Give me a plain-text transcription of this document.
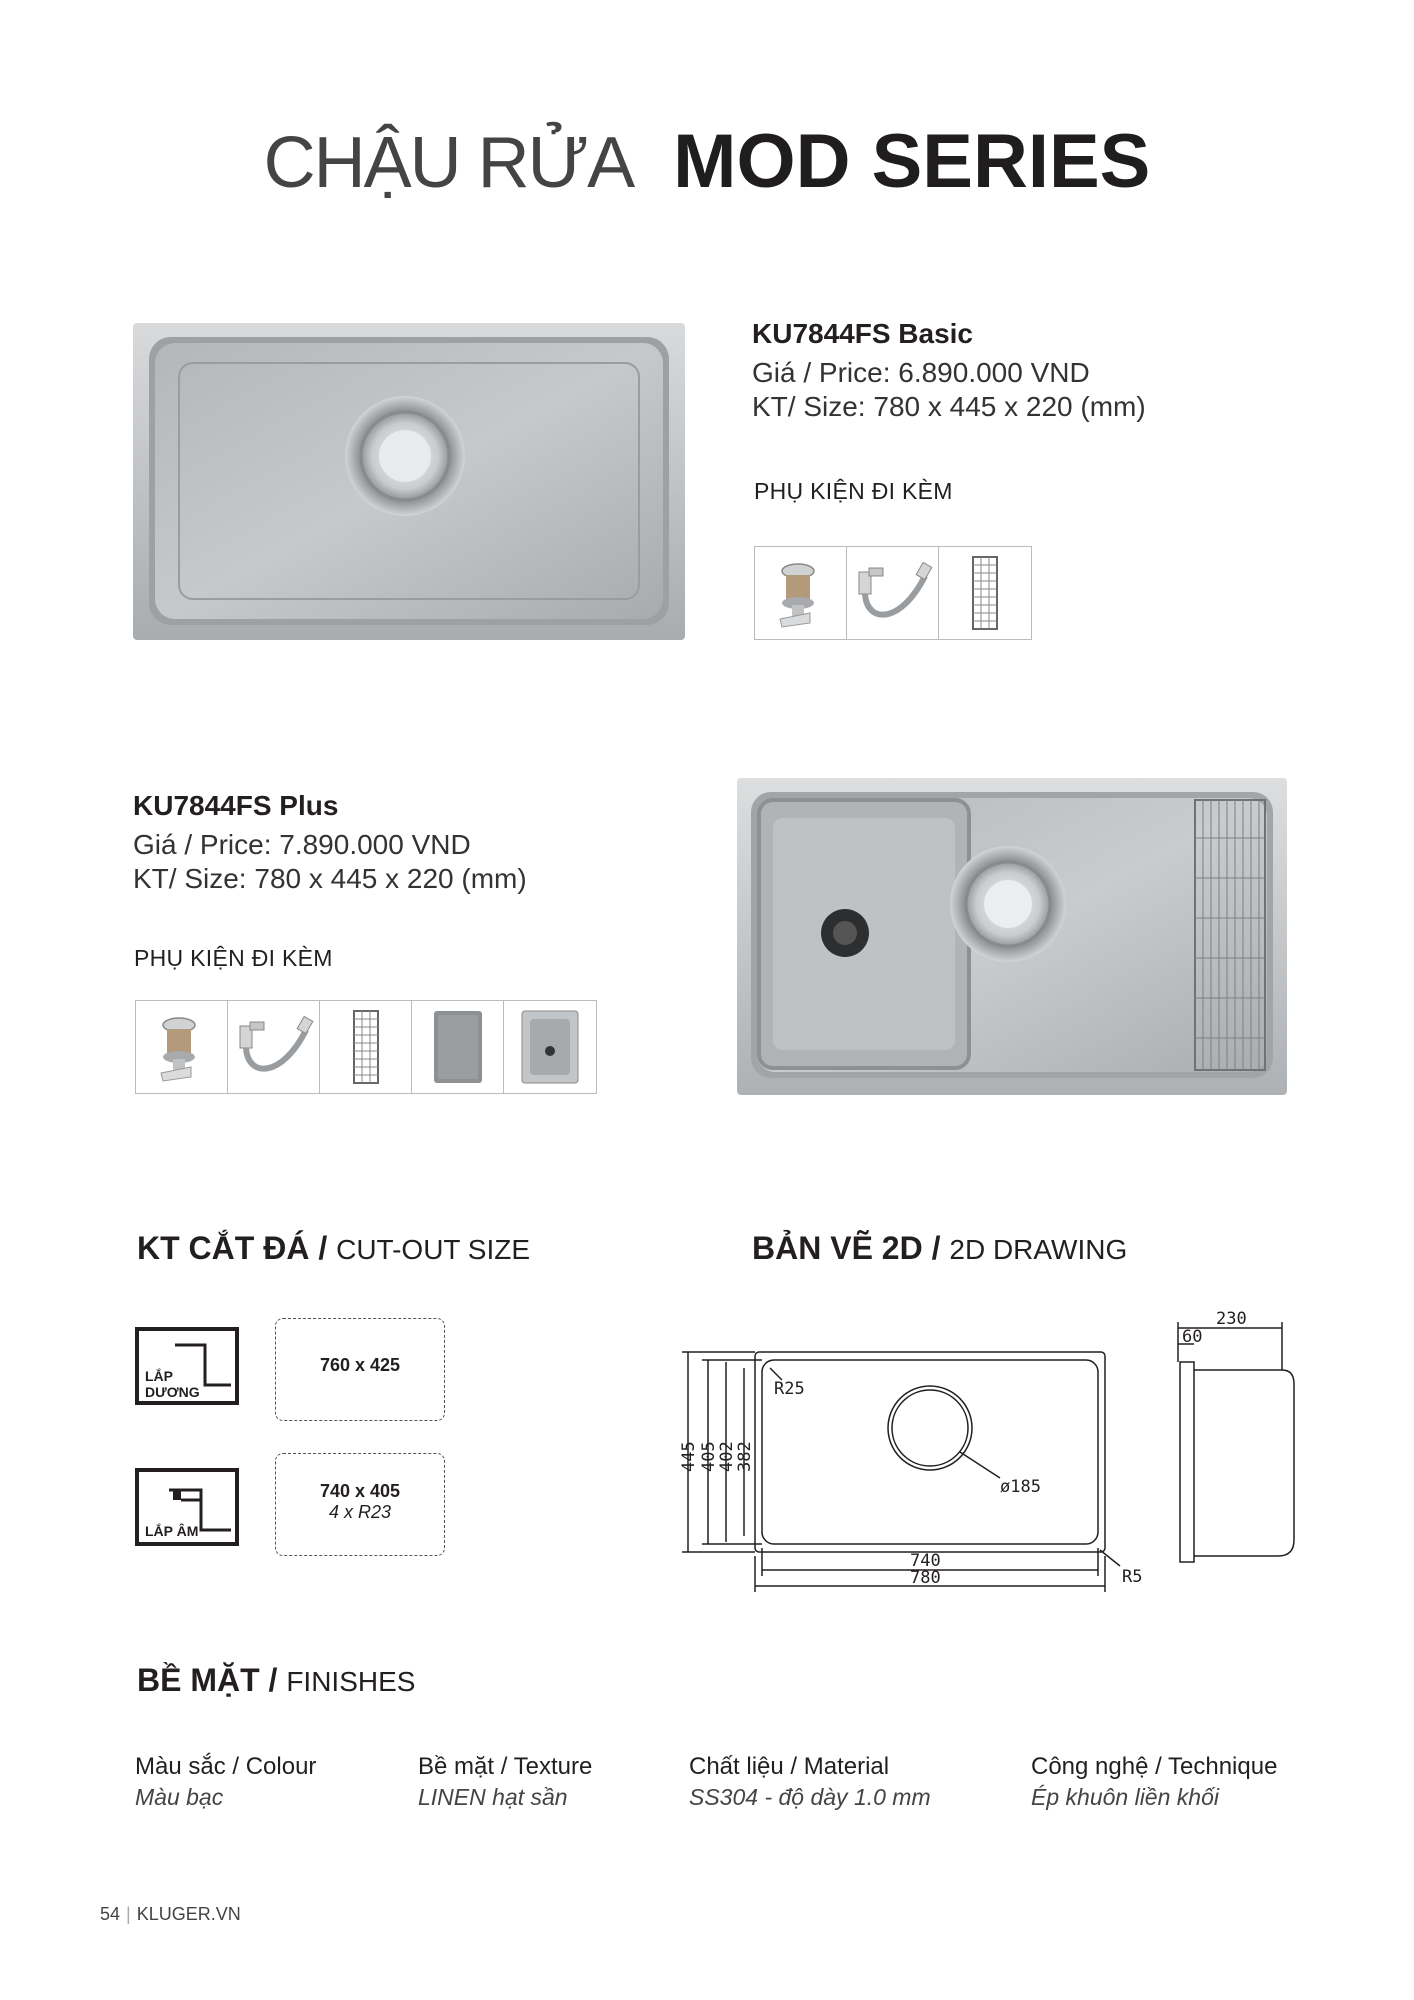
CHẬU RỬA MOD SERIES
KU7844FS Basic
Giá / Price: 6.890.000 VND
KT/ Size: 780 x 445 x 220 (mm)
PHỤ KIỆN ĐI KÈM
KU7844FS Plus
Giá / Price: 7.890.000 VND
KT/ Size: 780 x 445 x 220 (mm)
PHỤ KIỆN ĐI KÈM
KT CẮT ĐÁ / CUT-OUT SIZE
LẮP
DƯƠNG
760 x 425
LẮP ÂM
740 x 405
4 x R23
BẢN VẼ 2D / 2D DRAWING
445 405
402
382
R25
ø185
740
780	R5
230
60
BỀ MẶT / FINISHES
Màu sắc / Colour
Màu bạc
Bề mặt / Texture
LINEN hạt sần
Chất liệu / Material
SS304 - độ dày 1.0 mm
Công nghệ / Technique
Ép khuôn liền khối
54 | KLUGER.VN
